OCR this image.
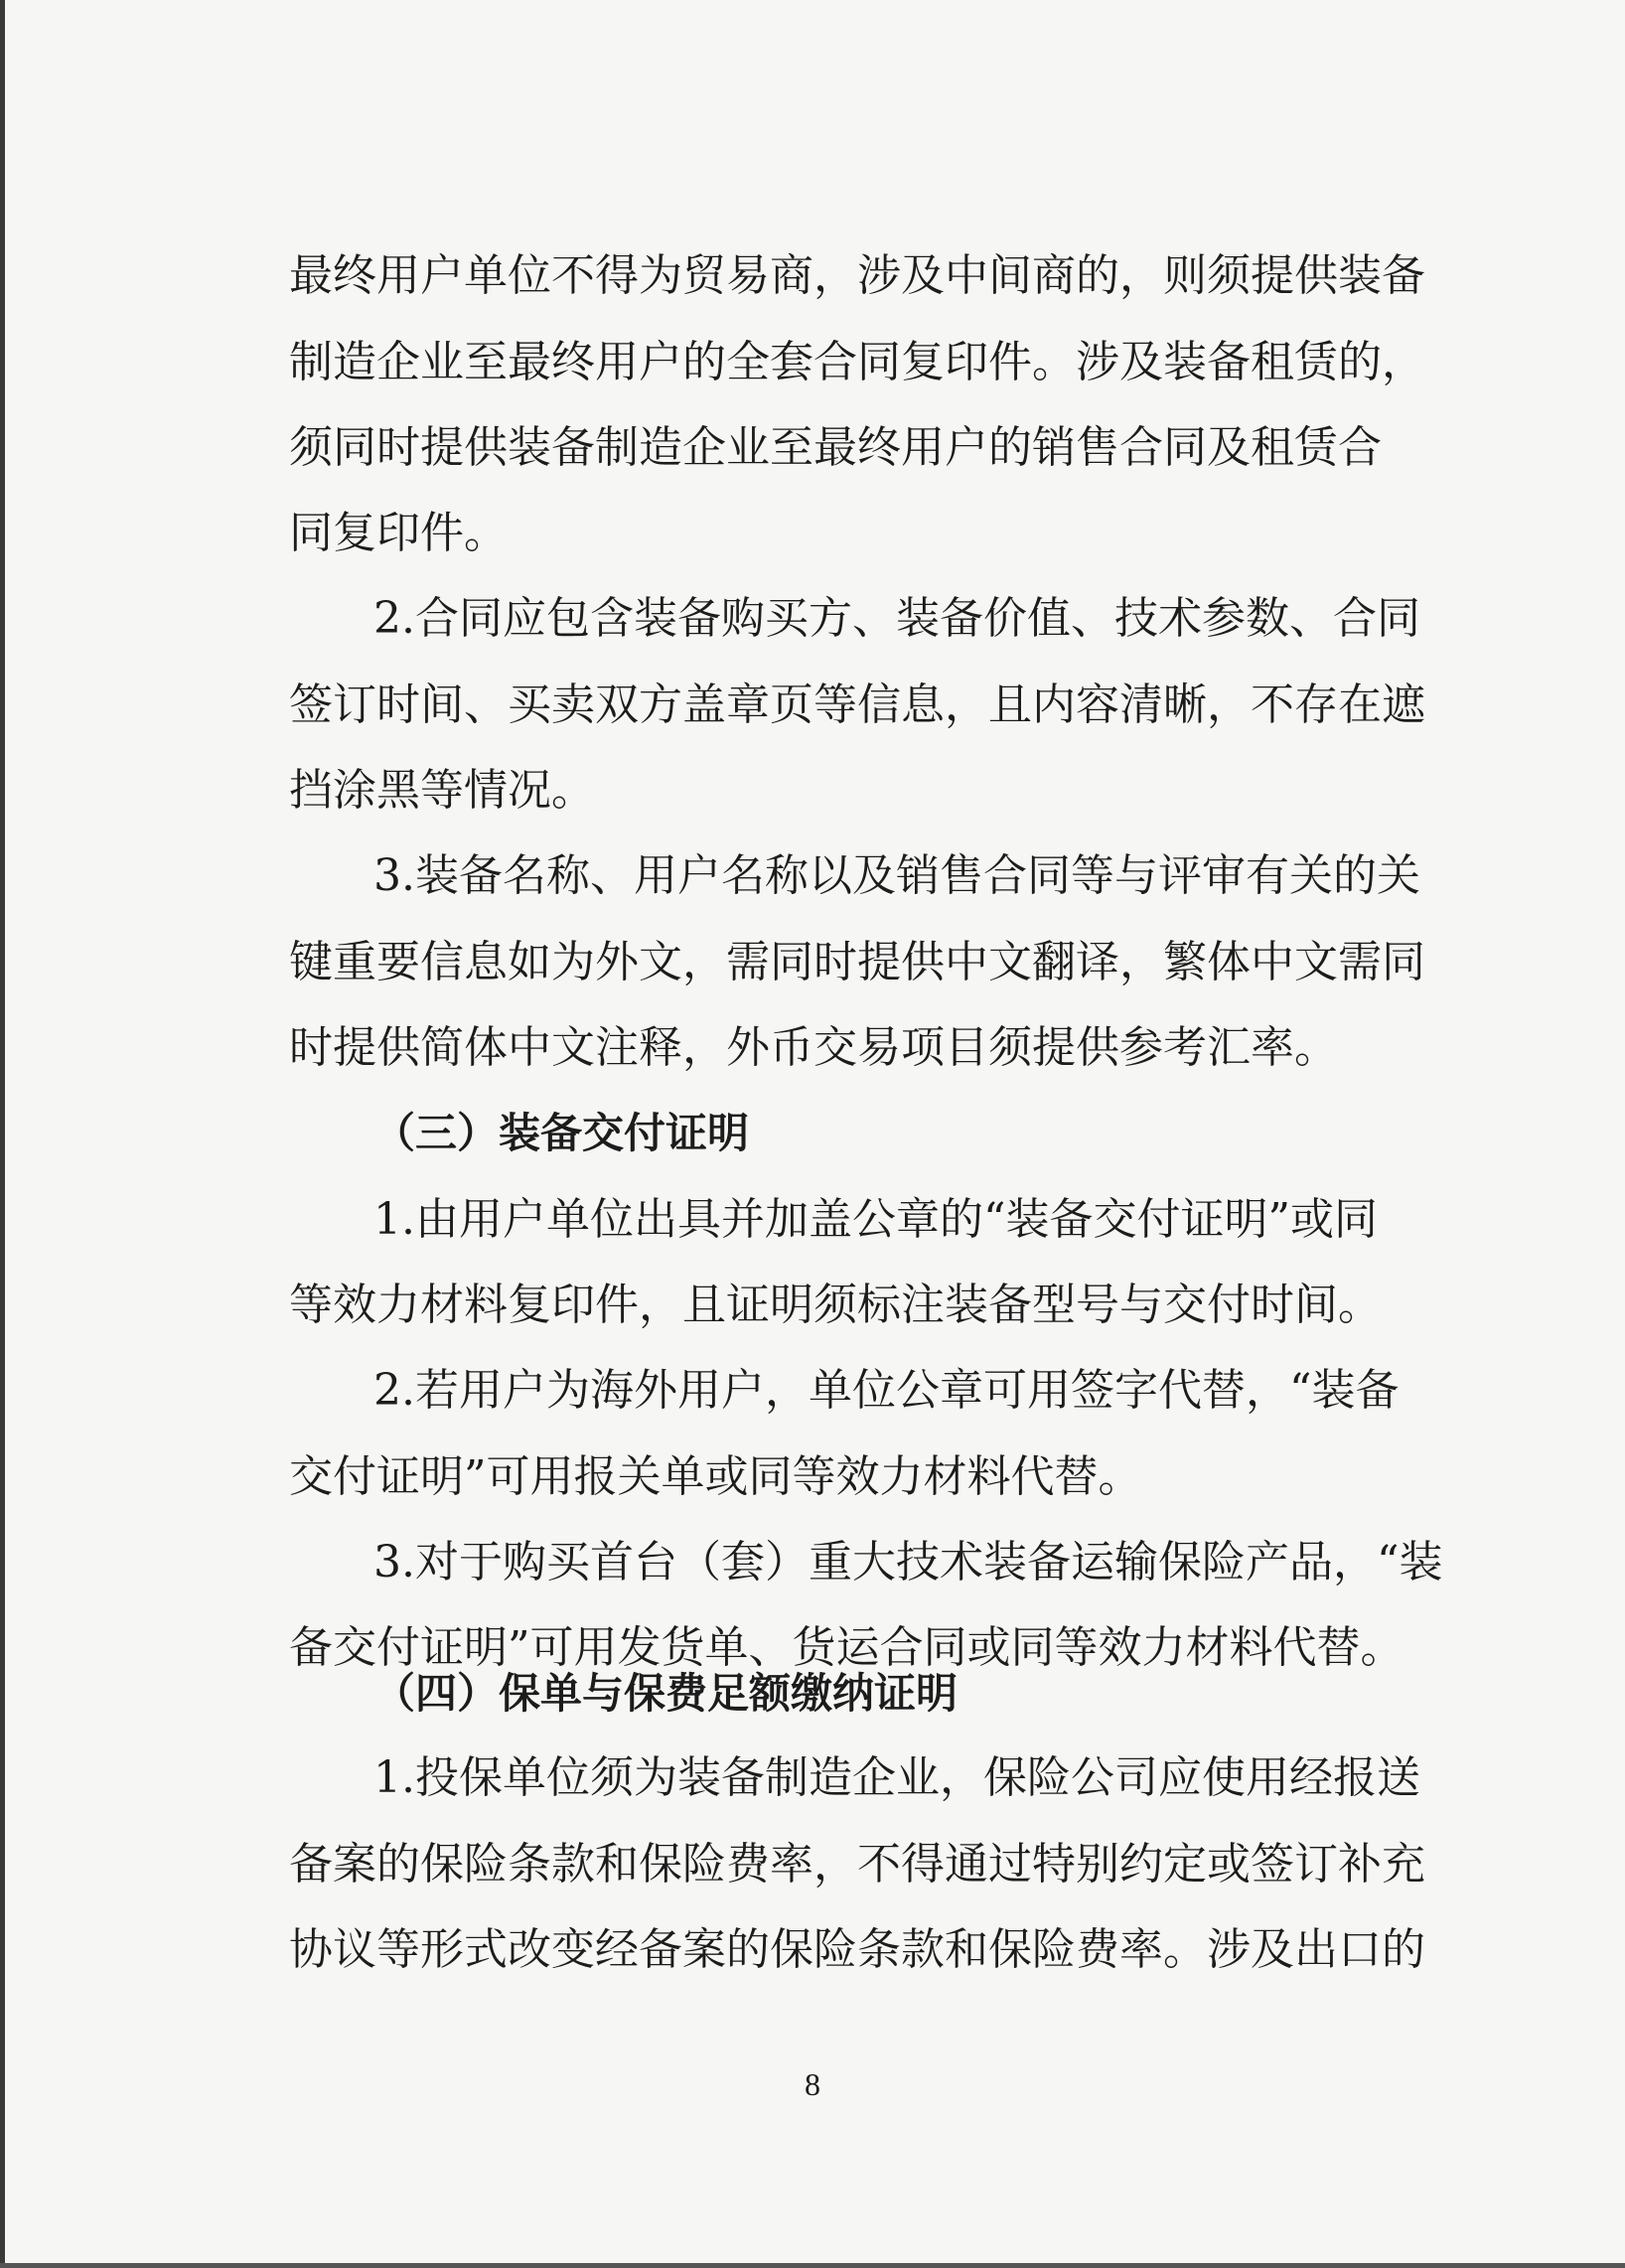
最终用户单位不得为贸易商，涉及中间商的，则须提供装备
制造企业至最终用户的全套合同复印件。涉及装备租赁的，
须同时提供装备制造企业至最终用户的销售合同及租赁合
同复印件。
2.合同应包含装备购买方、装备价值、技术参数、合同
签订时间、买卖双方盖章页等信息，且内容清晰，不存在遮
挡涂黑等情况。
3.装备名称、用户名称以及销售合同等与评审有关的关
键重要信息如为外文，需同时提供中文翻译，繁体中文需同
时提供简体中文注释，外币交易项目须提供参考汇率。
（三）装备交付证明
1.由用户单位出具并加盖公章的“装备交付证明”或同
等效力材料复印件，且证明须标注装备型号与交付时间。
2.若用户为海外用户，单位公章可用签字代替，“装备
交付证明”可用报关单或同等效力材料代替。
3.对于购买首台（套）重大技术装备运输保险产品，“装
备交付证明”可用发货单、货运合同或同等效力材料代替。
（四）保单与保费足额缴纳证明
1.投保单位须为装备制造企业，保险公司应使用经报送
备案的保险条款和保险费率，不得通过特别约定或签订补充
协议等形式改变经备案的保险条款和保险费率。涉及出口的
8
